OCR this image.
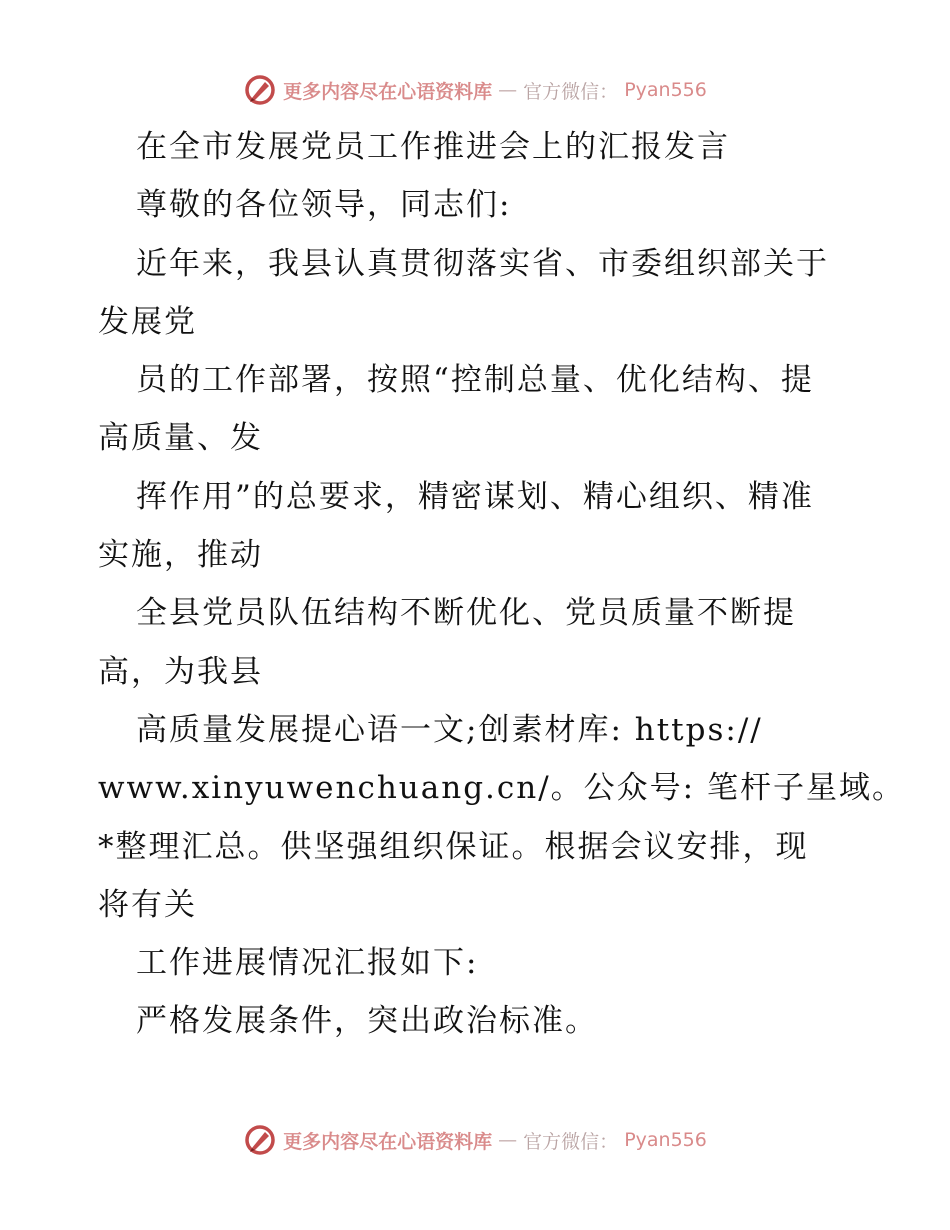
更多内容尽在心语资料库 — 官方微信： Pyan556
在全市发展党员工作推进会上的汇报发言
尊敬的各位领导，同志们:
近年来，我县认真贯彻落实省、市委组织部关于
发展党
员的工作部署，按照“控制总量、优化结构、提
高质量、发
挥作用”的总要求，精密谋划、精心组织、精准
实施，推动
全县党员队伍结构不断优化、党员质量不断提
高，为我县
高质量发展提心语一文;创素材库: https://
www.xinyuwenchuang.cn/。公众号: 笔杆子星域。
*整理汇总。供坚强组织保证。根据会议安排，现
将有关
工作进展情况汇报如下:
严格发展条件，突出政治标准。
更多内容尽在心语资料库 — 官方微信： Pyan556
